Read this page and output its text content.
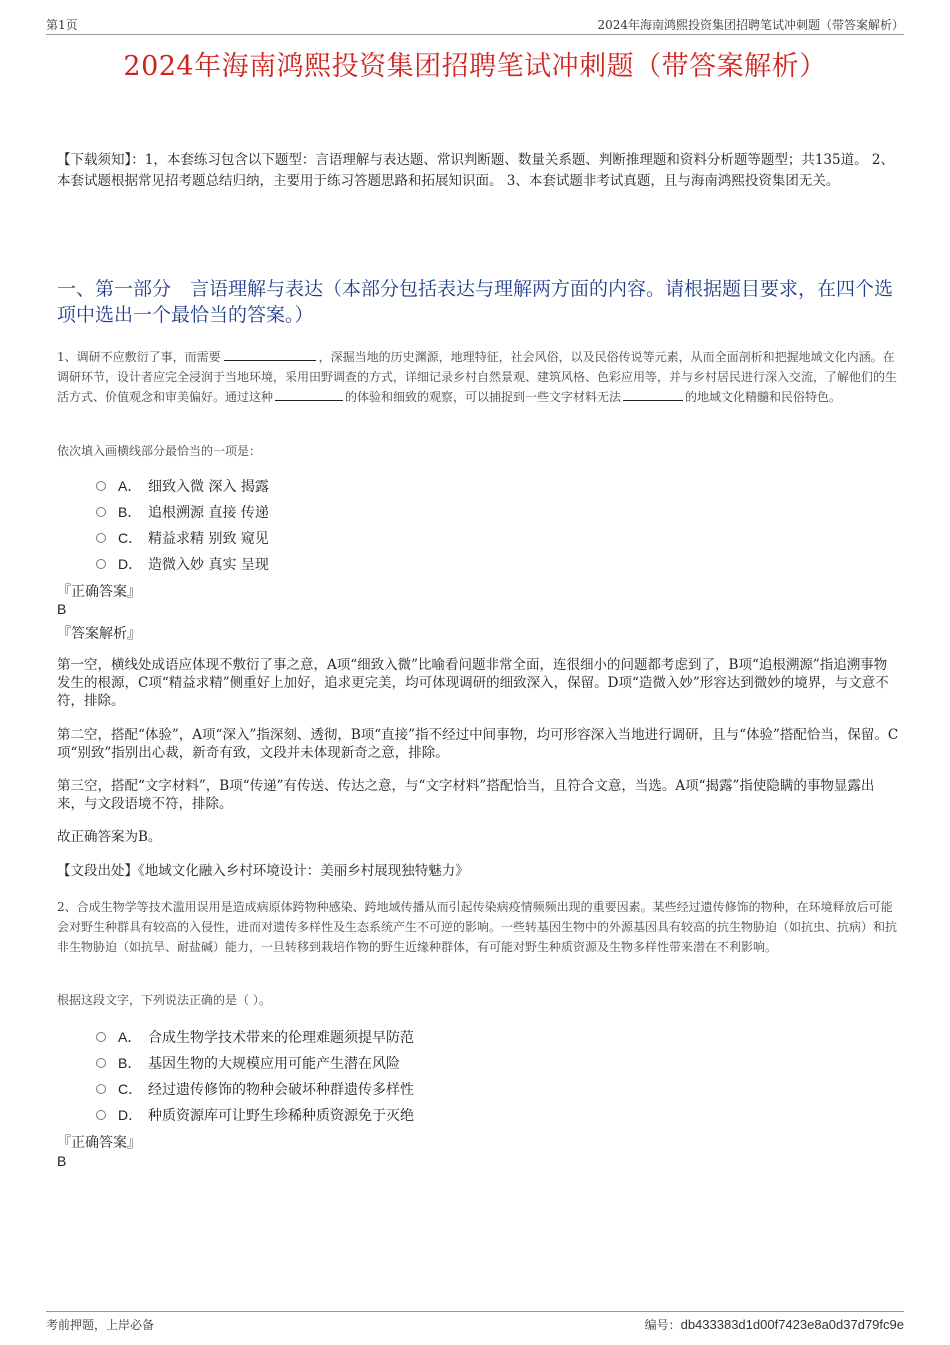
第1页	2024年海南鸿熙投资集团招聘笔试冲刺题（带答案解析）
2024年海南鸿熙投资集团招聘笔试冲刺题（带答案解析）
【下载须知】：1，本套练习包含以下题型：言语理解与表达题、常识判断题、数量关系题、判断推理题和资料分析题等题型；共135道。 2、本套试题根据常见招考题总结归纳，主要用于练习答题思路和拓展知识面。 3、本套试题非考试真题，且与海南鸿熙投资集团无关。
一、第一部分　言语理解与表达（本部分包括表达与理解两方面的内容。请根据题目要求，在四个选项中选出一个最恰当的答案。）
1、调研不应敷衍了事，而需要	，深掘当地的历史渊源，地理特征，社会风俗，以及民俗传说等元素，从而全面剖析和把握地域文化内涵。在调研环节，设计者应完全浸润于当地环境，采用田野调查的方式，详细记录乡村自然景观、建筑风格、色彩应用等，并与乡村居民进行深入交流，了解他们的生活方式、价值观念和审美偏好。通过这种	的体验和细致的观察，可以捕捉到一些文字材料无法	的地域文化精髓和民俗特色。
依次填入画横线部分最恰当的一项是：
A． 细致入微 深入 揭露
B． 追根溯源 直接 传递
C． 精益求精 别致 窥见
D． 造微入妙 真实 呈现
『正确答案』
B
『答案解析』
第一空，横线处成语应体现不敷衍了事之意，A项“细致入微”比喻看问题非常全面，连很细小的问题都考虑到了，B项“追根溯源”指追溯事物发生的根源，C项“精益求精”侧重好上加好，追求更完美，均可体现调研的细致深入，保留。D项“造微入妙”形容达到微妙的境界，与文意不符，排除。
第二空，搭配“体验”，A项“深入”指深刻、透彻，B项“直接”指不经过中间事物，均可形容深入当地进行调研，且与“体验”搭配恰当，保留。C项“别致”指别出心裁，新奇有致，文段并未体现新奇之意，排除。
第三空，搭配“文字材料”，B项“传递”有传送、传达之意，与“文字材料”搭配恰当，且符合文意，当选。A项“揭露”指使隐瞒的事物显露出来，与文段语境不符，排除。
故正确答案为B。
【文段出处】《地域文化融入乡村环境设计：美丽乡村展现独特魅力》
2、合成生物学等技术滥用误用是造成病原体跨物种感染、跨地域传播从而引起传染病疫情频频出现的重要因素。某些经过遗传修饰的物种，在环境释放后可能会对野生种群具有较高的入侵性，进而对遗传多样性及生态系统产生不可逆的影响。一些转基因生物中的外源基因具有较高的抗生物胁迫（如抗虫、抗病）和抗非生物胁迫（如抗旱、耐盐碱）能力，一旦转移到栽培作物的野生近缘种群体，有可能对野生种质资源及生物多样性带来潜在不利影响。
根据这段文字，下列说法正确的是（ ）。
A． 合成生物学技术带来的伦理难题须提早防范
B． 基因生物的大规模应用可能产生潜在风险
C． 经过遗传修饰的物种会破坏种群遗传多样性
D． 种质资源库可让野生珍稀种质资源免于灭绝
『正确答案』
B
考前押题，上岸必备	编号：db433383d1d00f7423e8a0d37d79fc9e
